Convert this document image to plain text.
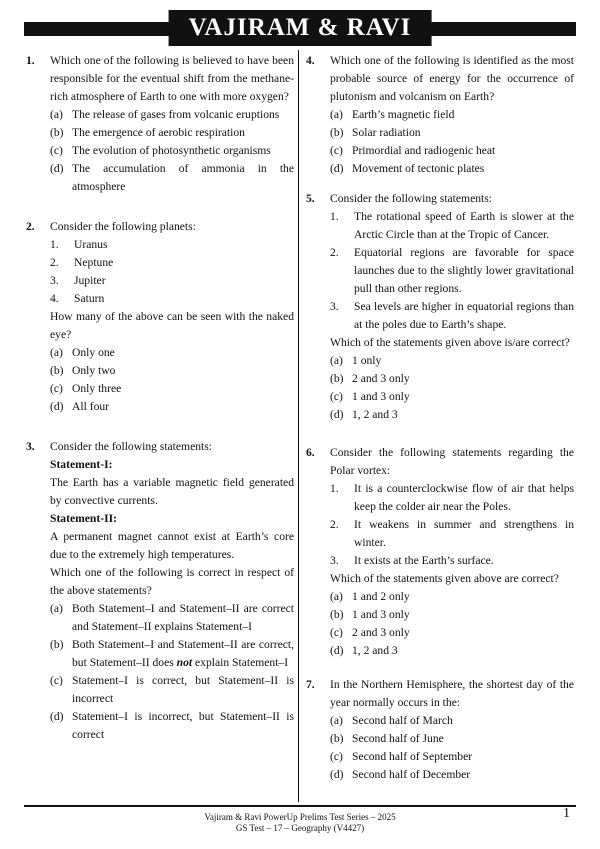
VAJIRAM & RAVI
1. Which one of the following is believed to have been responsible for the eventual shift from the methane-rich atmosphere of Earth to one with more oxygen?
(a) The release of gases from volcanic eruptions
(b) The emergence of aerobic respiration
(c) The evolution of photosynthetic organisms
(d) The accumulation of ammonia in the atmosphere
2. Consider the following planets:
1. Uranus
2. Neptune
3. Jupiter
4. Saturn
How many of the above can be seen with the naked eye?
(a) Only one
(b) Only two
(c) Only three
(d) All four
3. Consider the following statements:
Statement-I:
The Earth has a variable magnetic field generated by convective currents.
Statement-II:
A permanent magnet cannot exist at Earth’s core due to the extremely high temperatures.
Which one of the following is correct in respect of the above statements?
(a) Both Statement–I and Statement–II are correct and Statement–II explains Statement–I
(b) Both Statement–I and Statement–II are correct, but Statement–II does not explain Statement–I
(c) Statement–I is correct, but Statement–II is incorrect
(d) Statement–I is incorrect, but Statement–II is correct
4. Which one of the following is identified as the most probable source of energy for the occurrence of plutonism and volcanism on Earth?
(a) Earth’s magnetic field
(b) Solar radiation
(c) Primordial and radiogenic heat
(d) Movement of tectonic plates
5. Consider the following statements:
1. The rotational speed of Earth is slower at the Arctic Circle than at the Tropic of Cancer.
2. Equatorial regions are favorable for space launches due to the slightly lower gravitational pull than other regions.
3. Sea levels are higher in equatorial regions than at the poles due to Earth’s shape.
Which of the statements given above is/are correct?
(a) 1 only
(b) 2 and 3 only
(c) 1 and 3 only
(d) 1, 2 and 3
6. Consider the following statements regarding the Polar vortex:
1. It is a counterclockwise flow of air that helps keep the colder air near the Poles.
2. It weakens in summer and strengthens in winter.
3. It exists at the Earth’s surface.
Which of the statements given above are correct?
(a) 1 and 2 only
(b) 1 and 3 only
(c) 2 and 3 only
(d) 1, 2 and 3
7. In the Northern Hemisphere, the shortest day of the year normally occurs in the:
(a) Second half of March
(b) Second half of June
(c) Second half of September
(d) Second half of December
Vajiram & Ravi PowerUp Prelims Test Series – 2025
GS Test – 17 – Geography (V4427)
1
